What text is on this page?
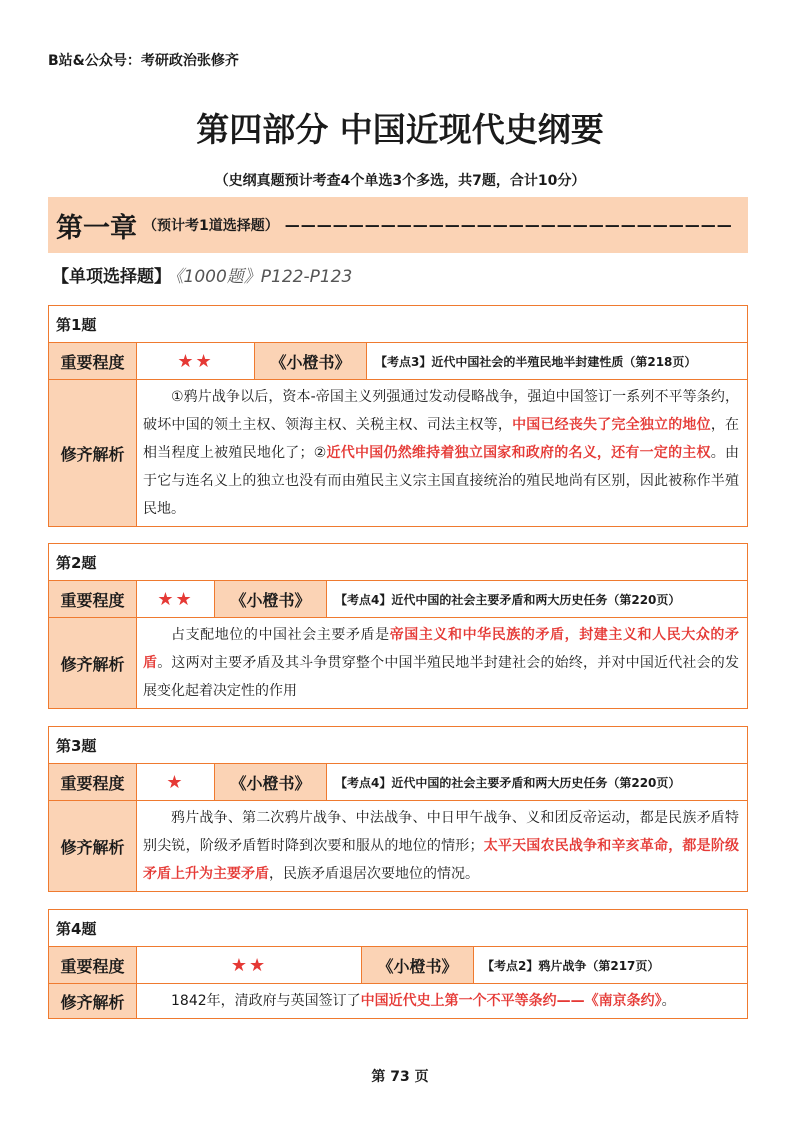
B站&公众号：考研政治张修齐
第四部分 中国近现代史纲要
（史纲真题预计考查4个单选3个多选，共7题，合计10分）
第一章 （预计考1道选择题） ————————————————————————————
【单项选择题】 《1000题》P122-P123
第1题			
重要程度	★★	《小橙书》	【考点3】近代中国社会的半殖民地半封建性质（第218页）
修齐解析	①鸦片战争以后，资本-帝国主义列强通过发动侵略战争，强迫中国签订一系列不平等条约，破坏中国的领土主权、领海主权、关税主权、司法主权等，中国已经丧失了完全独立的地位，在相当程度上被殖民地化了；②近代中国仍然维持着独立国家和政府的名义，还有一定的主权。由于它与连名义上的独立也没有而由殖民主义宗主国直接统治的殖民地尚有区别，因此被称作半殖民地。		
第2题			
重要程度	★★	《小橙书》	【考点4】近代中国的社会主要矛盾和两大历史任务（第220页）
修齐解析	占支配地位的中国社会主要矛盾是帝国主义和中华民族的矛盾，封建主义和人民大众的矛盾。这两对主要矛盾及其斗争贯穿整个中国半殖民地半封建社会的始终，并对中国近代社会的发展变化起着决定性的作用		
第3题			
重要程度	★	《小橙书》	【考点4】近代中国的社会主要矛盾和两大历史任务（第220页）
修齐解析	鸦片战争、第二次鸦片战争、中法战争、中日甲午战争、义和团反帝运动，都是民族矛盾特别尖锐，阶级矛盾暂时降到次要和服从的地位的情形；太平天国农民战争和辛亥革命，都是阶级矛盾上升为主要矛盾，民族矛盾退居次要地位的情况。		
第4题			
重要程度	★★	《小橙书》	【考点2】鸦片战争（第217页）
修齐解析	1842年，清政府与英国签订了中国近代史上第一个不平等条约——《南京条约》。		
第 73 页
